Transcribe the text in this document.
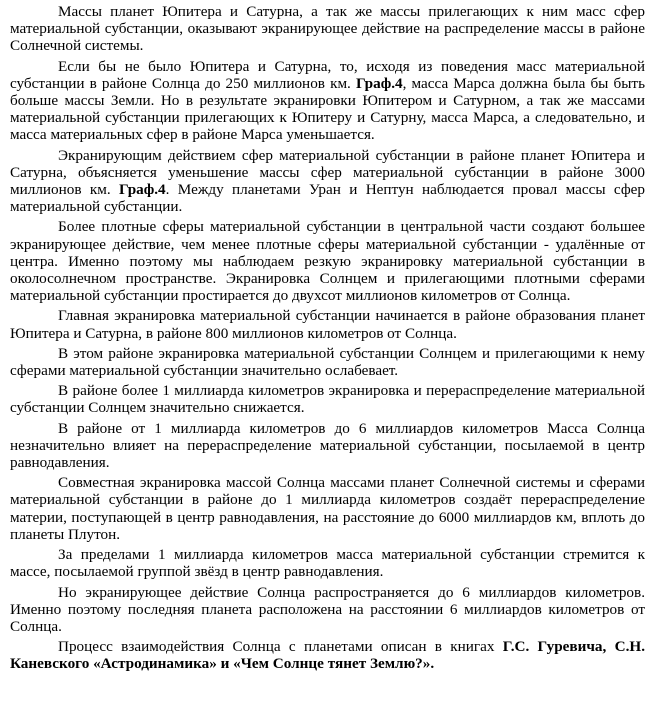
Массы планет Юпитера и Сатурна, а так же массы прилегающих к ним масс сфер материальной субстанции, оказывают экранирующее действие на распределение массы в районе Солнечной системы.

Если бы не было Юпитера и Сатурна, то, исходя из поведения масс материальной субстанции в районе Солнца до 250 миллионов км. Граф.4, масса Марса должна была бы быть больше массы Земли. Но в результате экранировки Юпитером и Сатурном, а так же массами материальной субстанции прилегающих к Юпитеру и Сатурну, масса Марса, а следовательно, и масса материальных сфер в районе Марса уменьшается.

Экранирующим действием сфер материальной субстанции в районе планет Юпитера и Сатурна, объясняется уменьшение массы сфер материальной субстанции в районе 3000 миллионов км. Граф.4. Между планетами Уран и Нептун наблюдается провал массы сфер материальной субстанции.

Более плотные сферы материальной субстанции в центральной части создают большее экранирующее действие, чем менее плотные сферы материальной субстанции - удалённые от центра. Именно поэтому мы наблюдаем резкую экранировку материальной субстанции в околосолнечном пространстве. Экранировка Солнцем и прилегающими плотными сферами материальной субстанции простирается до двухсот миллионов километров от Солнца.

Главная экранировка материальной субстанции начинается в районе образования планет Юпитера и Сатурна, в районе 800 миллионов километров от Солнца.

В этом районе экранировка материальной субстанции Солнцем и прилегающими к нему сферами материальной субстанции значительно ослабевает.

В районе более 1 миллиарда километров экранировка и перераспределение материальной субстанции Солнцем значительно снижается.

В районе от 1 миллиарда километров до 6 миллиардов километров Масса Солнца незначительно влияет на перераспределение материальной субстанции, посылаемой в центр равнодавления.

Совместная экранировка массой Солнца массами планет Солнечной системы и сферами материальной субстанции в районе до 1 миллиарда километров создаёт перераспределение материи, поступающей в центр равнодавления, на расстояние до 6000 миллиардов км, вплоть до планеты Плутон.

За пределами 1 миллиарда километров масса материальной субстанции стремится к массе, посылаемой группой звёзд в центр равнодавления.

Но экранирующее действие Солнца распространяется до 6 миллиардов километров. Именно поэтому последняя планета расположена на расстоянии 6 миллиардов километров от Солнца.

Процесс взаимодействия Солнца с планетами описан в книгах Г.С. Гуревича, С.Н. Каневского «Астродинамика» и «Чем Солнце тянет Землю?».
